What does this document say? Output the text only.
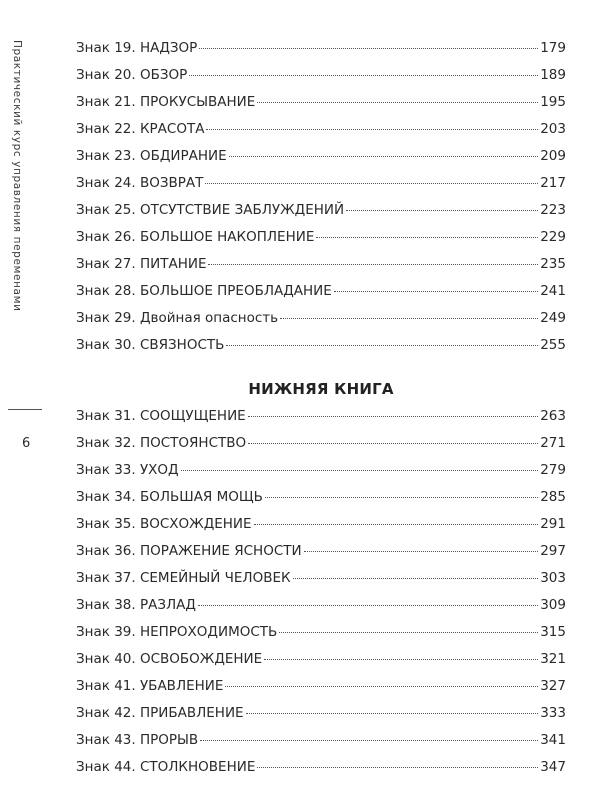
Практический курс управления переменами
6
Знак 19. НАДЗОР	179
Знак 20. ОБЗОР	189
Знак 21. ПРОКУСЫВАНИЕ	195
Знак 22. КРАСОТА	203
Знак 23. ОБДИРАНИЕ	209
Знак 24. ВОЗВРАТ	217
Знак 25. ОТСУТСТВИЕ ЗАБЛУЖДЕНИЙ	223
Знак 26. БОЛЬШОЕ НАКОПЛЕНИЕ	229
Знак 27. ПИТАНИЕ	235
Знак 28. БОЛЬШОЕ ПРЕОБЛАДАНИЕ	241
Знак 29. Двойная опасность	249
Знак 30. СВЯЗНОСТЬ	255
НИЖНЯЯ КНИГА
Знак 31. СООЩУЩЕНИЕ	263
Знак 32. ПОСТОЯНСТВО	271
Знак 33. УХОД	279
Знак 34. БОЛЬШАЯ МОЩЬ	285
Знак 35. ВОСХОЖДЕНИЕ	291
Знак 36. ПОРАЖЕНИЕ ЯСНОСТИ	297
Знак 37. СЕМЕЙНЫЙ ЧЕЛОВЕК	303
Знак 38. РАЗЛАД	309
Знак 39. НЕПРОХОДИМОСТЬ	315
Знак 40. ОСВОБОЖДЕНИЕ	321
Знак 41. УБАВЛЕНИЕ	327
Знак 42. ПРИБАВЛЕНИЕ	333
Знак 43. ПРОРЫВ	341
Знак 44. СТОЛКНОВЕНИЕ	347
